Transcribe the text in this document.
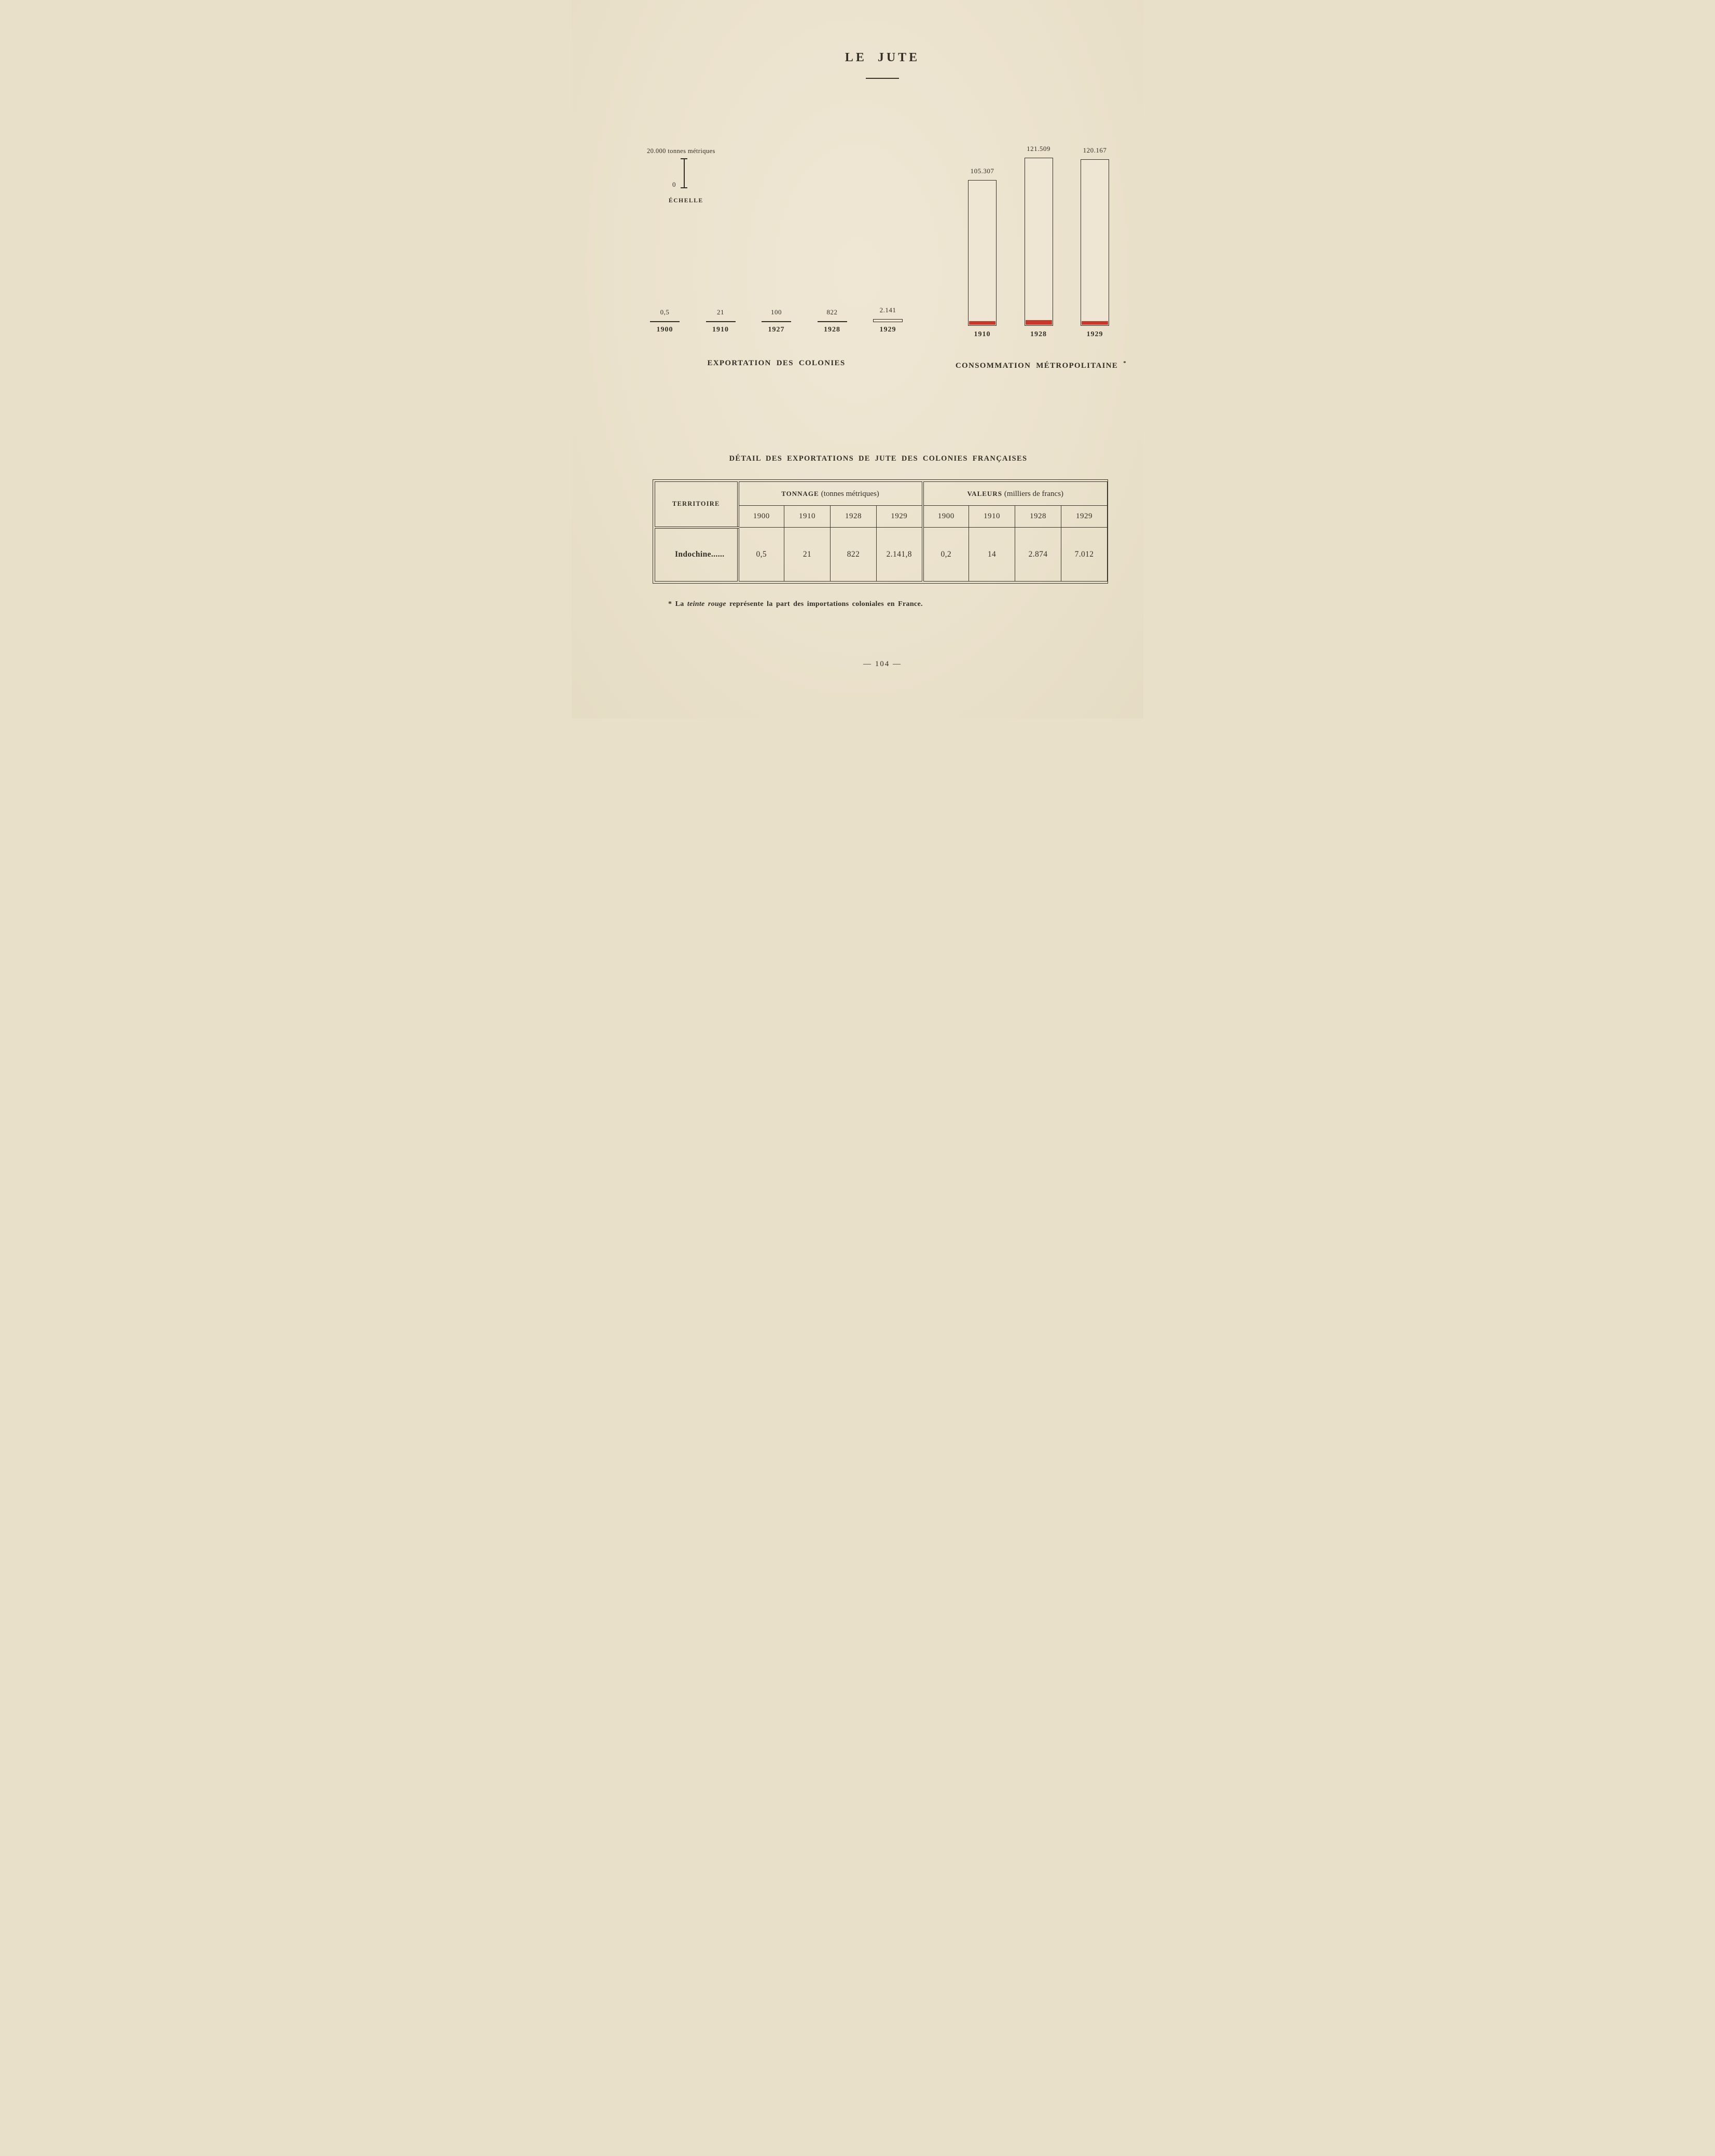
LE JUTE
20.000 tonnes métriques
0
ÉCHELLE
0,5	21	100	822	2.141
1900	1910	1927	1928	1929
105.307
121.509	120.167
1910	1928	1929
EXPORTATION DES COLONIES	CONSOMMATION MÉTROPOLITAINE *
DÉTAIL DES EXPORTATIONS DE JUTE DES COLONIES FRANÇAISES
TERRITOIRE	TONNAGE (tonnes métriques)				VALEURS (milliers de francs)			
	1900	1910	1928	1929	1900	1910	1928	1929
Indochine......	0,5	21	822	2.141,8	0,2	14	2.874	7.012
* La teinte rouge représente la part des importations coloniales en France.
— 104 —
